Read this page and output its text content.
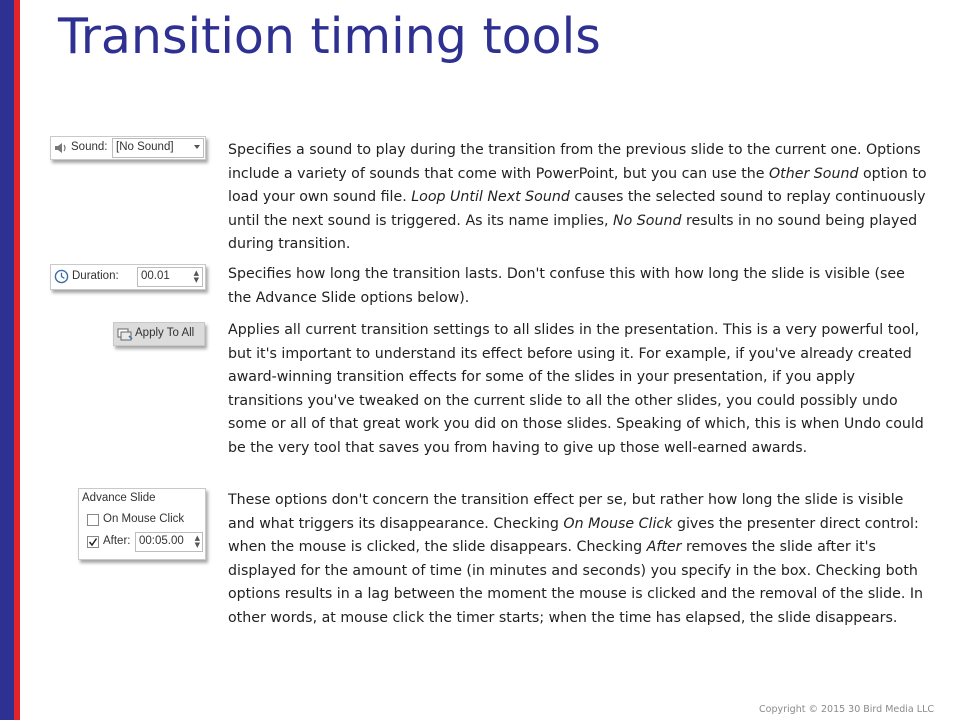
Transition timing tools
Sound: [No Sound]
Duration: 00.01	▲
▼
Apply To All
Advance Slide
On Mouse Click
After: 00:05.00 ▲
▼
Specifies a sound to play during the transition from the previous slide to the current one. Options include a variety of sounds that come with PowerPoint, but you can use the Other Sound option to load your own sound file. Loop Until Next Sound causes the selected sound to replay continuously until the next sound is triggered. As its name implies, No Sound results in no sound being played during transition.
Specifies how long the transition lasts. Don't confuse this with how long the slide is visible (see the Advance Slide options below).
Applies all current transition settings to all slides in the presentation. This is a very powerful tool, but it's important to understand its effect before using it. For example, if you've already created award-winning transition effects for some of the slides in your presentation, if you apply transitions you've tweaked on the current slide to all the other slides, you could possibly undo some or all of that great work you did on those slides. Speaking of which, this is when Undo could be the very tool that saves you from having to give up those well-earned awards.
These options don't concern the transition effect per se, but rather how long the slide is visible and what triggers its disappearance. Checking On Mouse Click gives the presenter direct control: when the mouse is clicked, the slide disappears. Checking After removes the slide after it's displayed for the amount of time (in minutes and seconds) you specify in the box. Checking both options results in a lag between the moment the mouse is clicked and the removal of the slide. In other words, at mouse click the timer starts; when the time has elapsed, the slide disappears.
Copyright © 2015 30 Bird Media LLC
